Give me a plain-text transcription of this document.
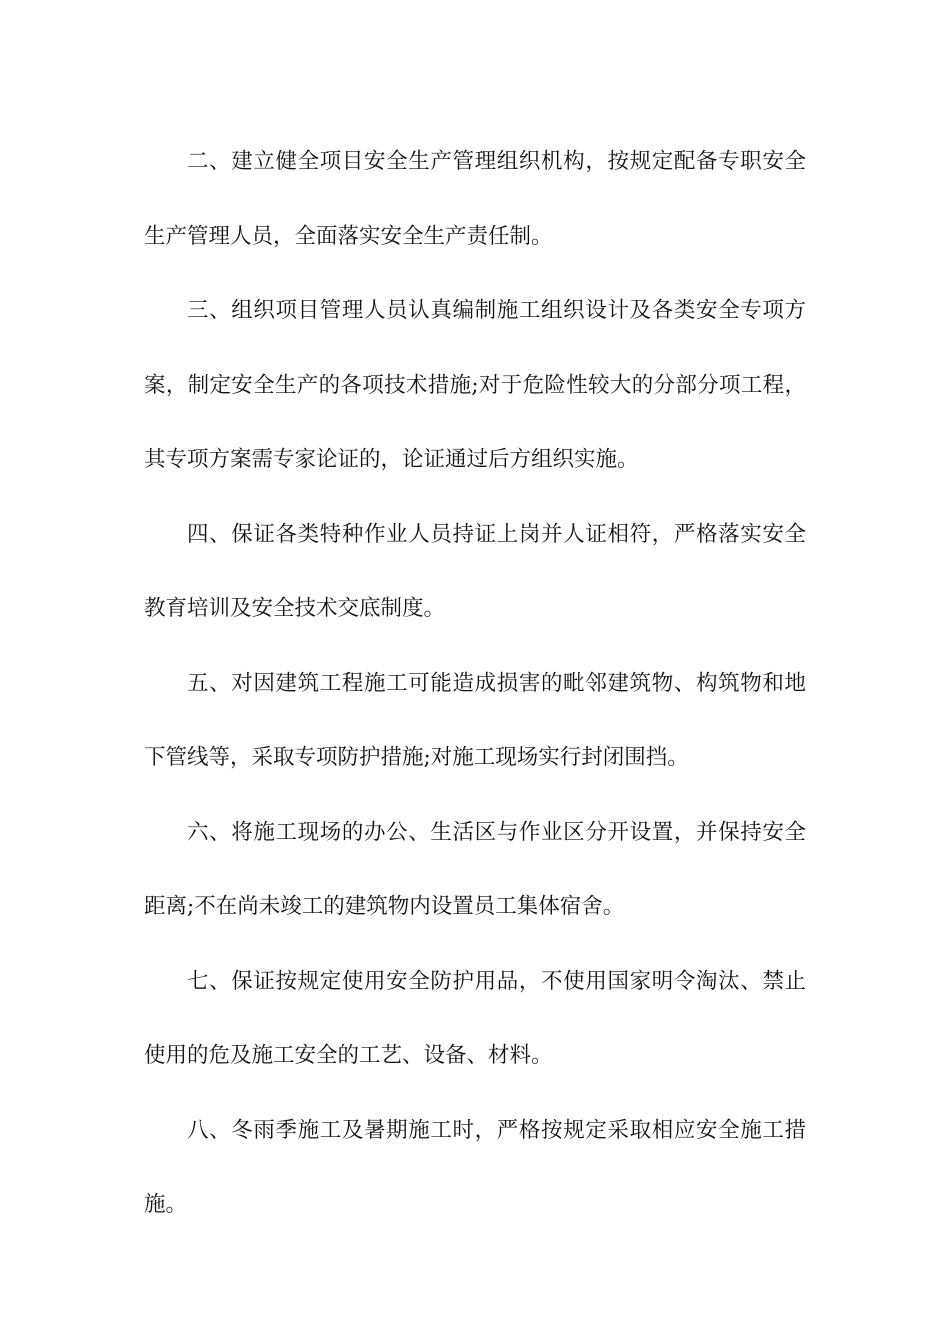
二、建立健全项目安全生产管理组织机构，按规定配备专职安全生产管理人员，全面落实安全生产责任制。

三、组织项目管理人员认真编制施工组织设计及各类安全专项方案，制定安全生产的各项技术措施;对于危险性较大的分部分项工程，其专项方案需专家论证的，论证通过后方组织实施。

四、保证各类特种作业人员持证上岗并人证相符，严格落实安全教育培训及安全技术交底制度。

五、对因建筑工程施工可能造成损害的毗邻建筑物、构筑物和地下管线等，采取专项防护措施;对施工现场实行封闭围挡。

六、将施工现场的办公、生活区与作业区分开设置，并保持安全距离;不在尚未竣工的建筑物内设置员工集体宿舍。

七、保证按规定使用安全防护用品，不使用国家明令淘汰、禁止使用的危及施工安全的工艺、设备、材料。

八、冬雨季施工及暑期施工时，严格按规定采取相应安全施工措施。
